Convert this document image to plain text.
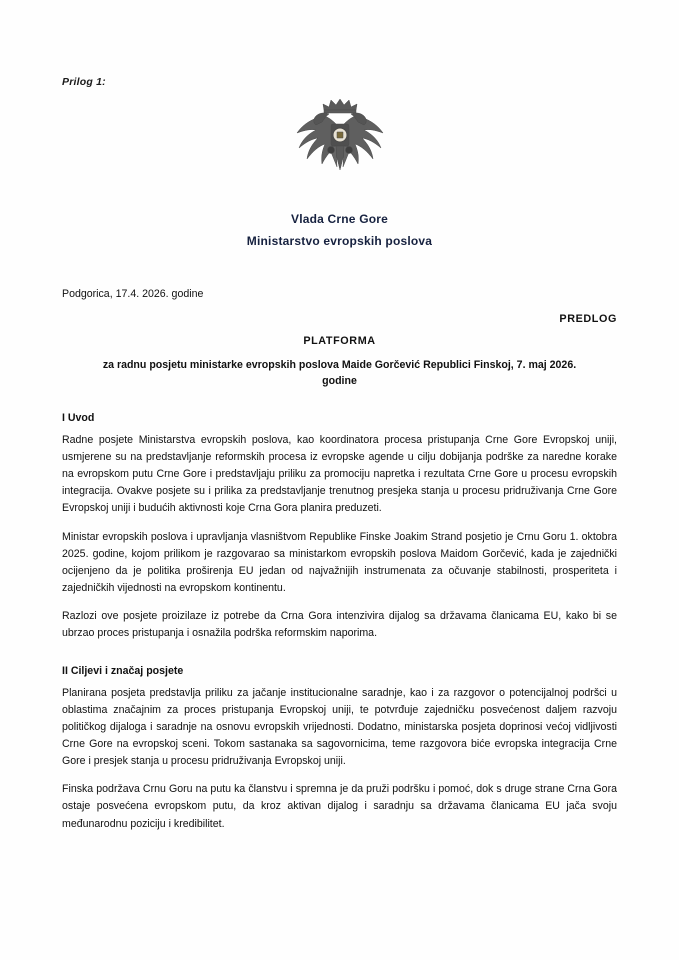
Prilog 1:
Vlada Crne Gore
Ministarstvo evropskih poslova
Podgorica, 17.4. 2026. godine
PREDLOG
PLATFORMA
za radnu posjetu ministarke evropskih poslova Maide Gorčević Republici Finskoj, 7. maj 2026.
godine
I Uvod

Radne posjete Ministarstva evropskih poslova, kao koordinatora procesa pristupanja Crne Gore Evropskoj uniji, usmjerene su na predstavljanje reformskih procesa iz evropske agende u cilju dobijanja podrške za naredne korake na evropskom putu Crne Gore i predstavljaju priliku za promociju napretka i rezultata Crne Gore u procesu evropskih integracija. Ovakve posjete su i prilika za predstavljanje trenutnog presjeka stanja u procesu pridruživanja Crne Gore Evropskoj uniji i budućih aktivnosti koje Crna Gora planira preduzeti.

Ministar evropskih poslova i upravljanja vlasništvom Republike Finske Joakim Strand posjetio je Crnu Goru 1. oktobra 2025. godine, kojom prilikom je razgovarao sa ministarkom evropskih poslova Maidom Gorčević, kada je zajednički ocijenjeno da je politika proširenja EU jedan od najvažnijih instrumenata za očuvanje stabilnosti, prosperiteta i zajedničkih vijednosti na evropskom kontinentu.

Razlozi ove posjete proizilaze iz potrebe da Crna Gora intenzivira dijalog sa državama članicama EU, kako bi se ubrzao proces pristupanja i osnažila podrška reformskim naporima.

II Ciljevi i značaj posjete

Planirana posjeta predstavlja priliku za jačanje institucionalne saradnje, kao i za razgovor o potencijalnoj podršci u oblastima značajnim za proces pristupanja Evropskoj uniji, te potvrđuje zajedničku posvećenost daljem razvoju političkog dijaloga i saradnje na osnovu evropskih vrijednosti. Dodatno, ministarska posjeta doprinosi većoj vidljivosti Crne Gore na evropskoj sceni. Tokom sastanaka sa sagovornicima, teme razgovora biće evropska integracija Crne Gore i presjek stanja u procesu pridruživanja Evropskoj uniji.

Finska podržava Crnu Goru na putu ka članstvu i spremna je da pruži podršku i pomoć, dok s druge strane Crna Gora ostaje posvećena evropskom putu, da kroz aktivan dijalog i saradnju sa državama članicama EU jača svoju međunarodnu poziciju i kredibilitet.
